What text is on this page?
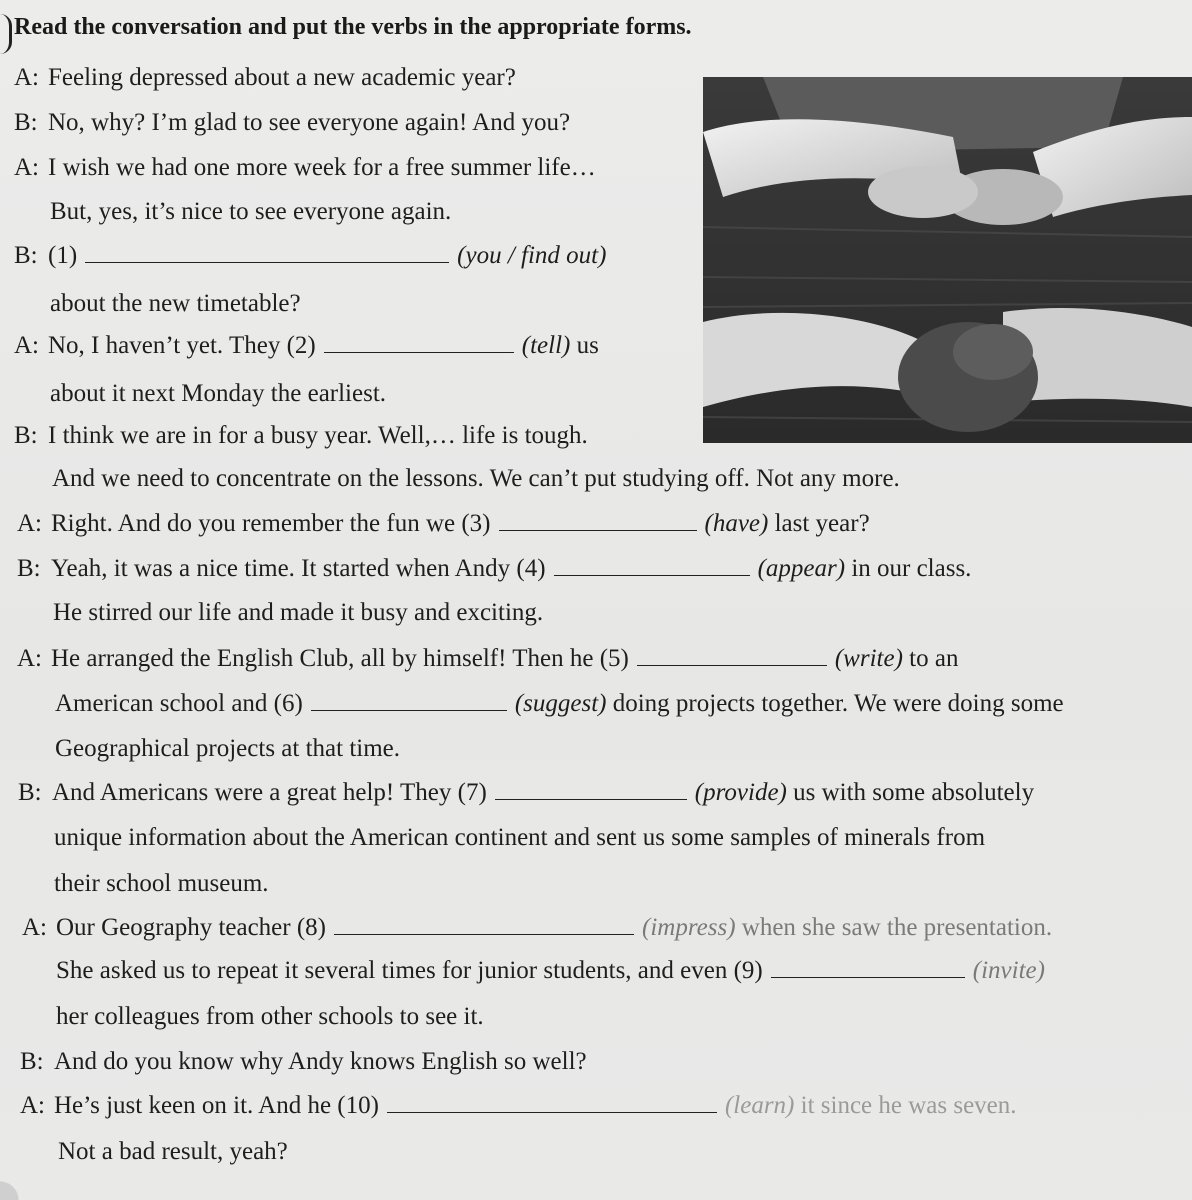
Read the conversation and put the verbs in the appropriate forms.
A: Feeling depressed about a new academic year?
B: No, why? I’m glad to see everyone again! And you?
A: I wish we had one more week for a free summer life…
But, yes, it’s nice to see everyone again.
B: (1)	(you / find out)
about the new timetable?
A: No, I haven’t yet. They (2)	(tell) us
about it next Monday the earliest.
B: I think we are in for a busy year. Well,… life is tough.
And we need to concentrate on the lessons. We can’t put studying off. Not any more.
A: Right. And do you remember the fun we (3)	(have) last year?
B: Yeah, it was a nice time. It started when Andy (4)	(appear) in our class.
He stirred our life and made it busy and exciting.
A: He arranged the English Club, all by himself! Then he (5)	(write) to an
American school and (6)	(suggest) doing projects together. We were doing some
Geographical projects at that time.
B: And Americans were a great help! They (7)	(provide) us with some absolutely
unique information about the American continent and sent us some samples of minerals from
their school museum.
A: Our Geography teacher (8)	(impress) when she saw the presentation.
She asked us to repeat it several times for junior students, and even (9)	(invite)
her colleagues from other schools to see it.
B: And do you know why Andy knows English so well?
A: He’s just keen on it. And he (10)	(learn) it since he was seven.
Not a bad result, yeah?
